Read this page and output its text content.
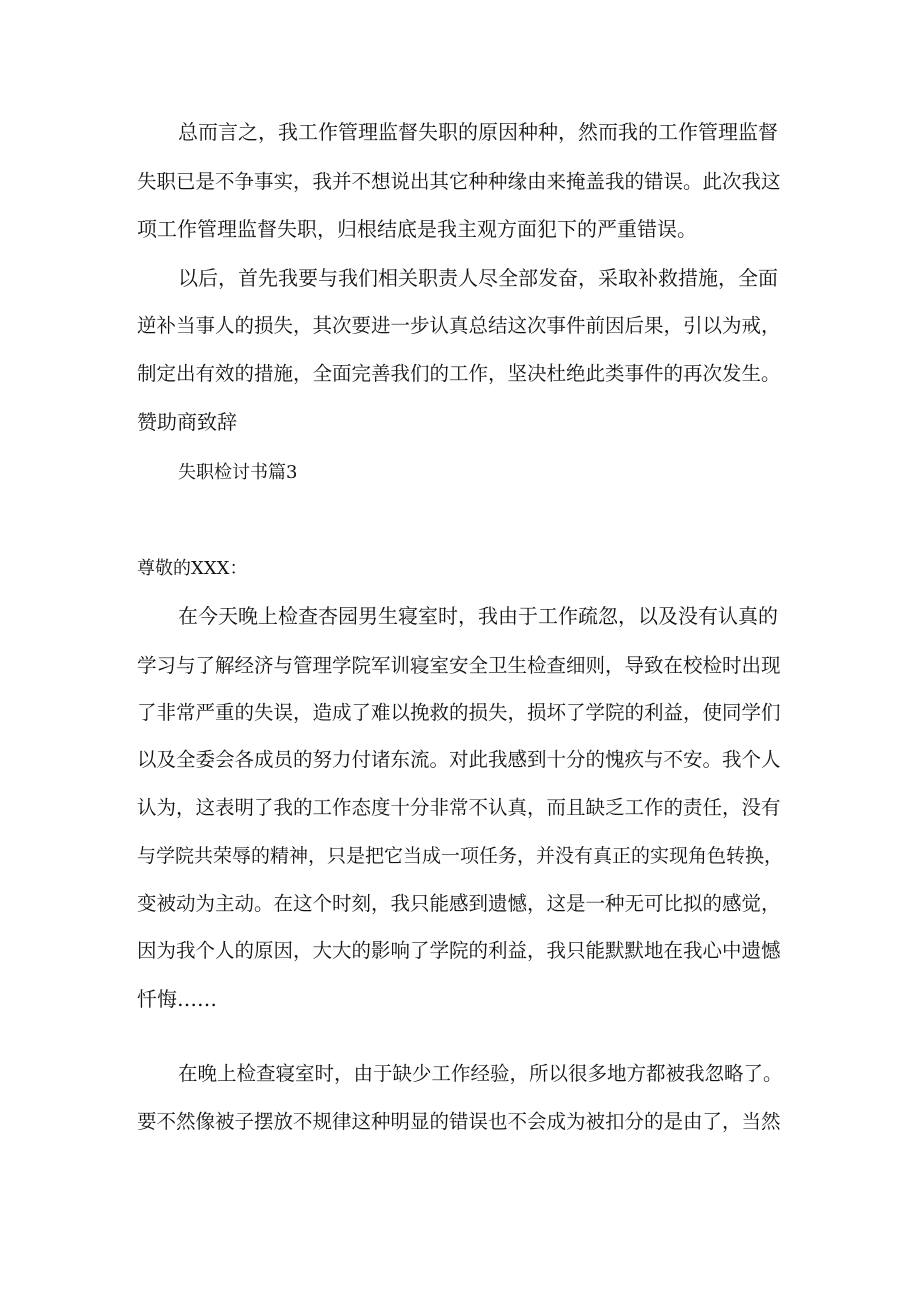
总而言之，我工作管理监督失职的原因种种，然而我的工作管理监督

失职已是不争事实，我并不想说出其它种种缘由来掩盖我的错误。此次我这

项工作管理监督失职，归根结底是我主观方面犯下的严重错误。

以后，首先我要与我们相关职责人尽全部发奋，采取补救措施，全面

逆补当事人的损失，其次要进一步认真总结这次事件前因后果，引以为戒，

制定出有效的措施，全面完善我们的工作，坚决杜绝此类事件的再次发生。

赞助商致辞

失职检讨书篇3

尊敬的XXX：

在今天晚上检查杏园男生寝室时，我由于工作疏忽，以及没有认真的

学习与了解经济与管理学院军训寝室安全卫生检查细则，导致在校检时出现

了非常严重的失误，造成了难以挽救的损失，损坏了学院的利益，使同学们

以及全委会各成员的努力付诸东流。对此我感到十分的愧疚与不安。我个人

认为，这表明了我的工作态度十分非常不认真，而且缺乏工作的责任，没有

与学院共荣辱的精神，只是把它当成一项任务，并没有真正的实现角色转换，

变被动为主动。在这个时刻，我只能感到遗憾，这是一种无可比拟的感觉，

因为我个人的原因，大大的影响了学院的利益，我只能默默地在我心中遗憾

忏悔……

在晚上检查寝室时，由于缺少工作经验，所以很多地方都被我忽略了。

要不然像被子摆放不规律这种明显的错误也不会成为被扣分的是由了，当然
